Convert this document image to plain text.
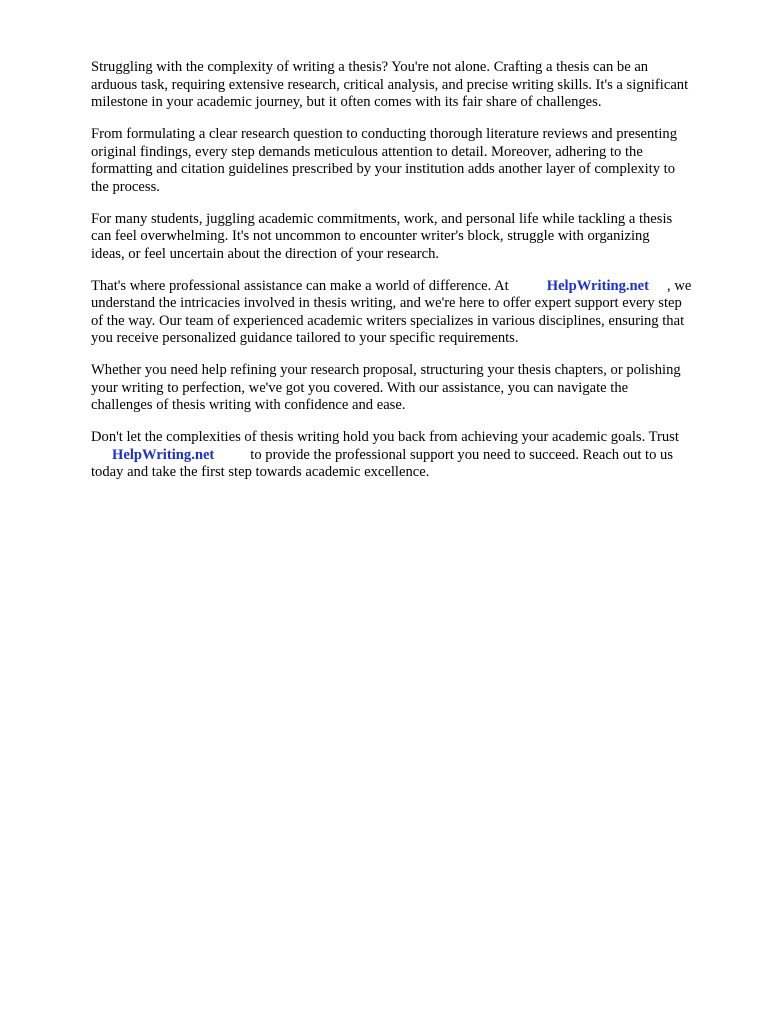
Struggling with the complexity of writing a thesis? You're not alone. Crafting a thesis can be an
arduous task, requiring extensive research, critical analysis, and precise writing skills. It's a significant
milestone in your academic journey, but it often comes with its fair share of challenges.

From formulating a clear research question to conducting thorough literature reviews and presenting
original findings, every step demands meticulous attention to detail. Moreover, adhering to the
formatting and citation guidelines prescribed by your institution adds another layer of complexity to
the process.

For many students, juggling academic commitments, work, and personal life while tackling a thesis
can feel overwhelming. It's not uncommon to encounter writer's block, struggle with organizing
ideas, or feel uncertain about the direction of your research.

That's where professional assistance can make a world of difference. At	HelpWriting.net , we
understand the intricacies involved in thesis writing, and we're here to offer expert support every step
of the way. Our team of experienced academic writers specializes in various disciplines, ensuring that
you receive personalized guidance tailored to your specific requirements.

Whether you need help refining your research proposal, structuring your thesis chapters, or polishing
your writing to perfection, we've got you covered. With our assistance, you can navigate the
challenges of thesis writing with confidence and ease.

Don't let the complexities of thesis writing hold you back from achieving your academic goals. Trust
HelpWriting.net to provide the professional support you need to succeed. Reach out to us
today and take the first step towards academic excellence.
